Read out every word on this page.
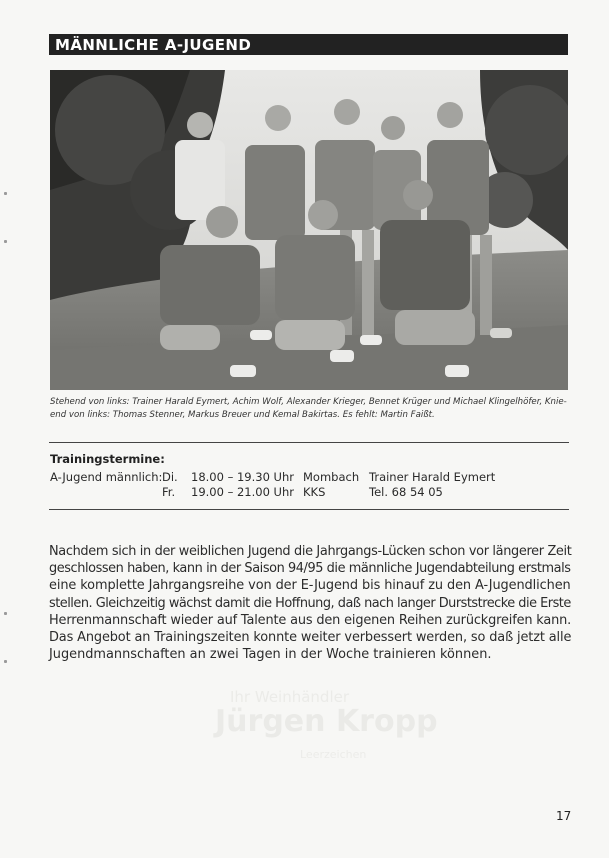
MÄNNLICHE A-JUGEND
Stehend von links: Trainer Harald Eymert, Achim Wolf, Alexander Krieger, Bennet Krüger und Michael Klingelhöfer, Knie-
end von links: Thomas Stenner, Markus Breuer und Kemal Bakirtas. Es fehlt: Martin Faißt.
Trainingstermine:
A-Jugend männlich: Di.
Fr.
18.00 – 19.30 Uhr
19.00 – 21.00 Uhr
Mombach
KKS
Trainer Harald Eymert
Tel. 68 54 05
Ihr Weinhändler
Jürgen Kropp
Leerzeichen
Nachdem sich in der weiblichen Jugend die Jahrgangs-Lücken schon vor längerer Zeit
geschlossen haben, kann in der Saison 94/95 die männliche Jugendabteilung erstmals
eine komplette Jahrgangsreihe von der E-Jugend bis hinauf zu den A-Jugendlichen
stellen. Gleichzeitig wächst damit die Hoffnung, daß nach langer Durststrecke die Erste
Herrenmannschaft wieder auf Talente aus den eigenen Reihen zurückgreifen kann.
Das Angebot an Trainingszeiten konnte weiter verbessert werden, so daß jetzt alle
Jugendmannschaften an zwei Tagen in der Woche trainieren können.
17
